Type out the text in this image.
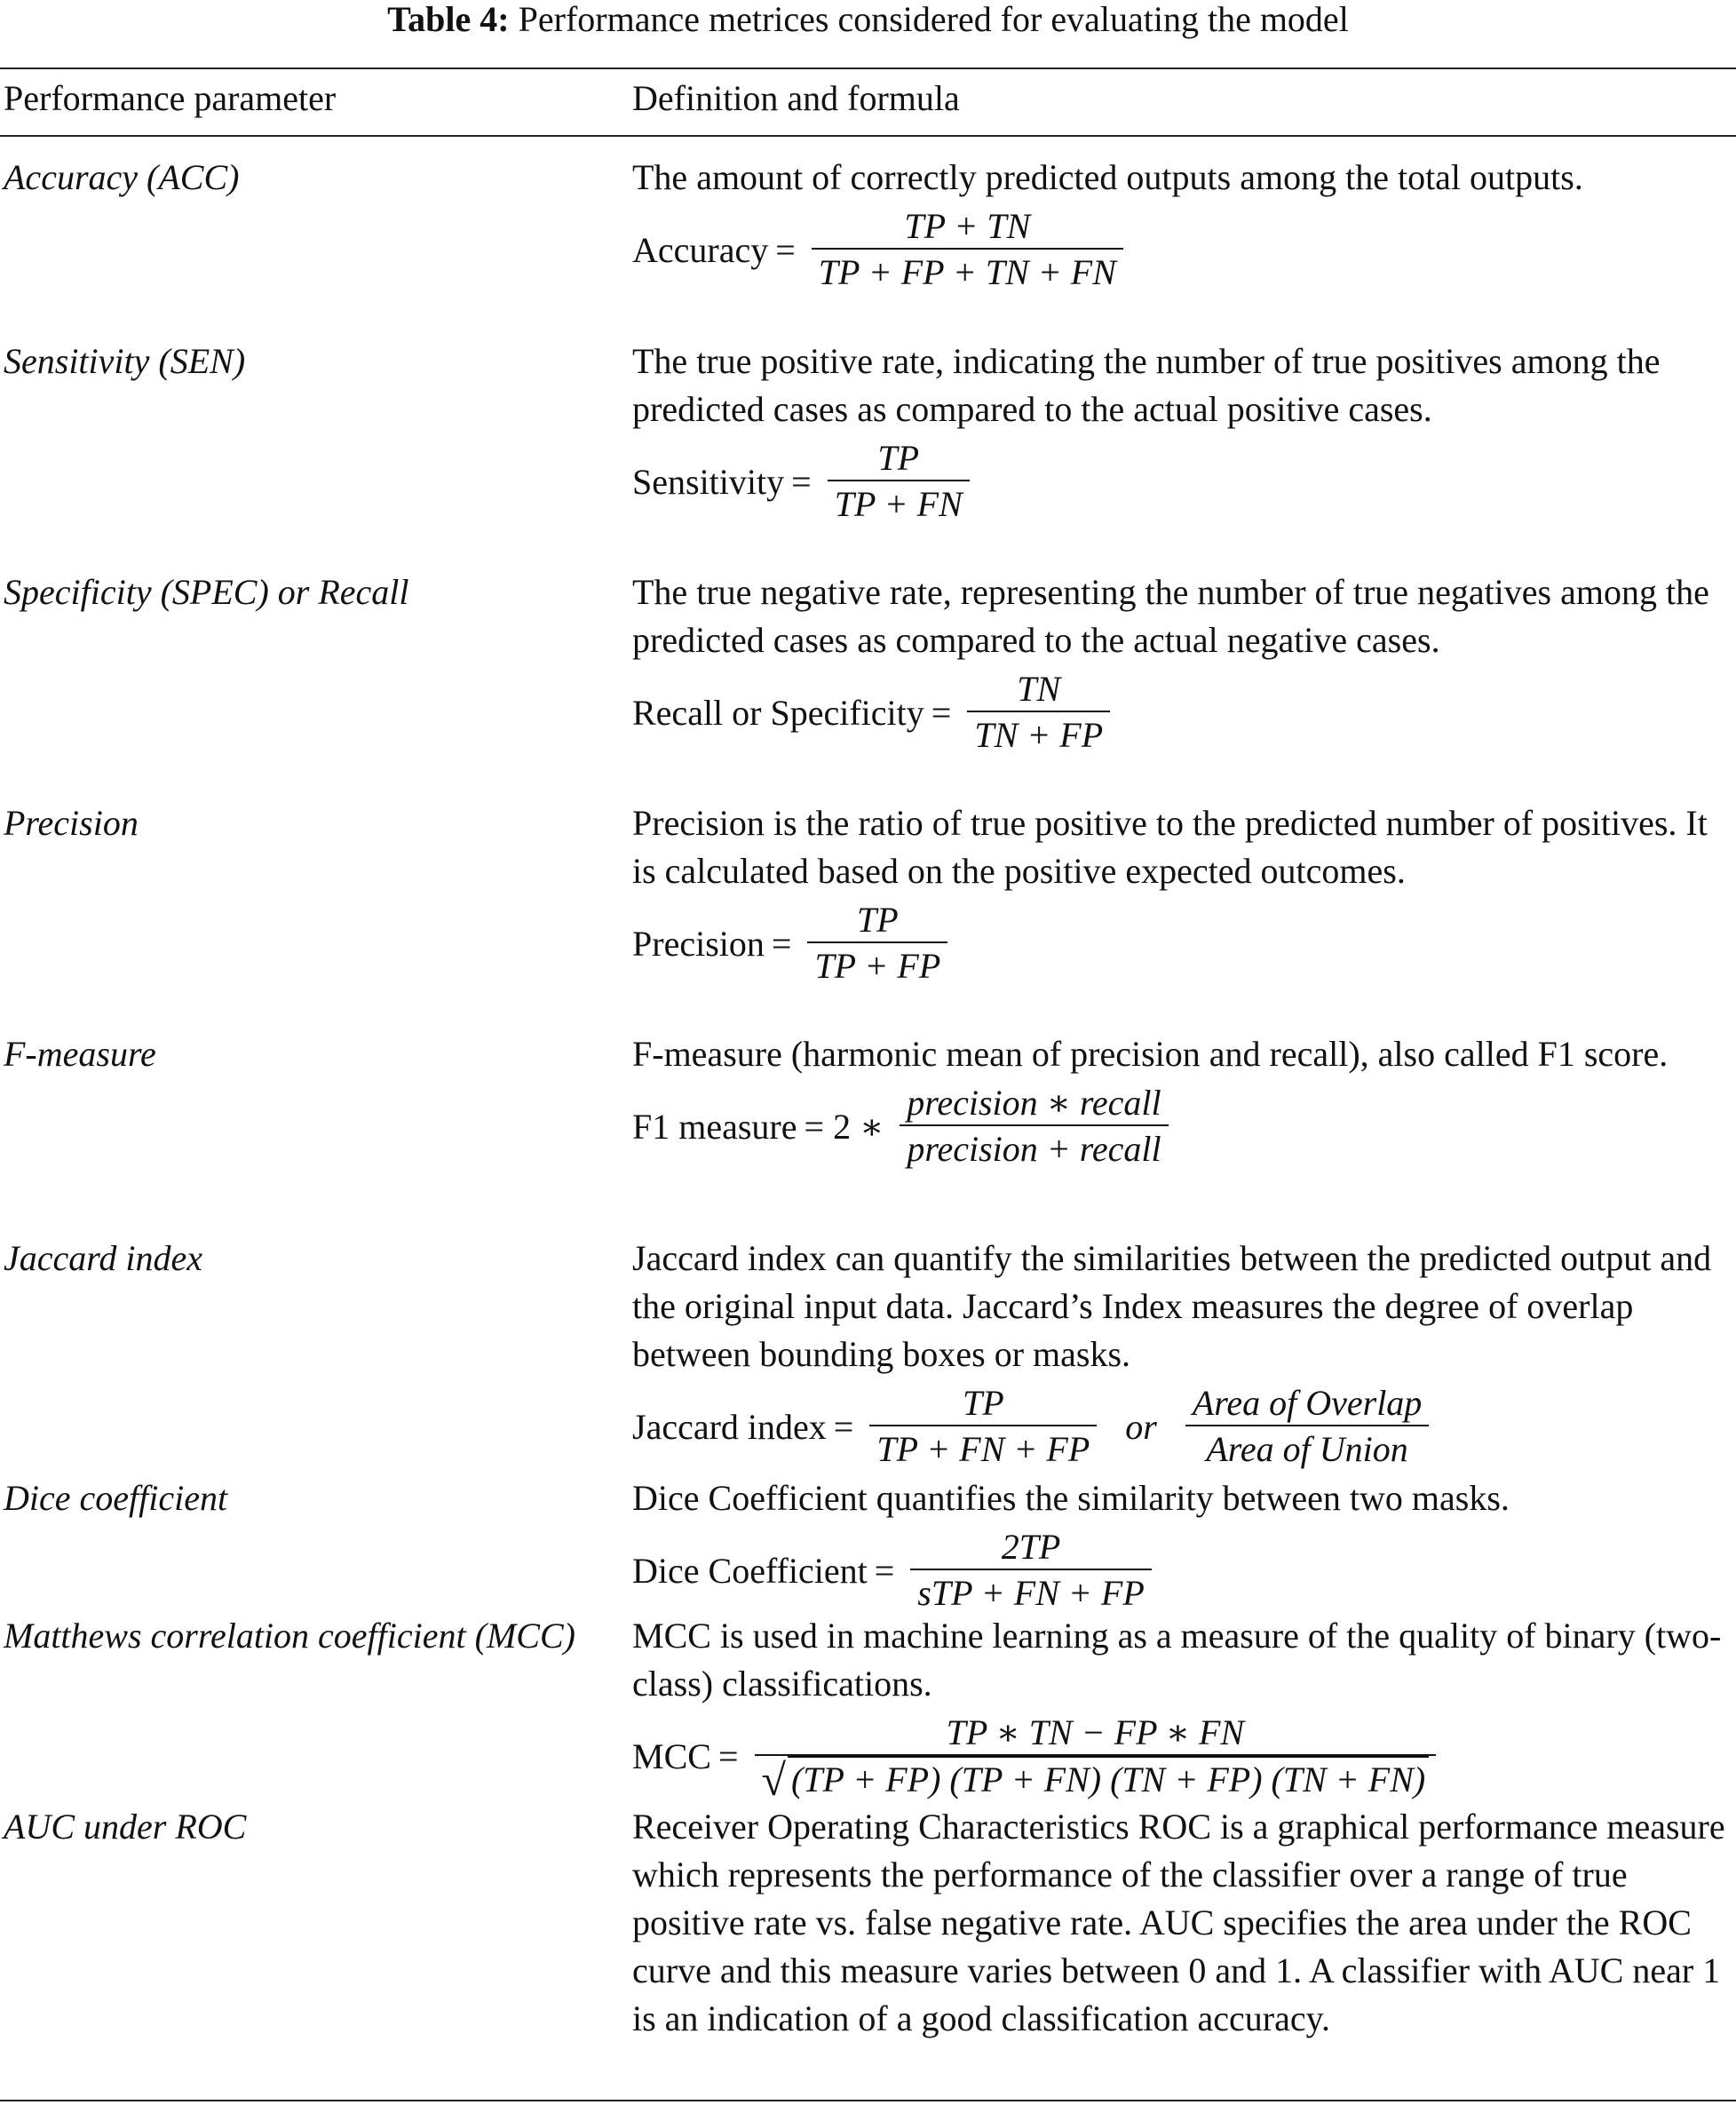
Table 4: Performance metrices considered for evaluating the model
Performance parameter	Definition and formula
Accuracy (ACC)	The amount of correctly predicted outputs among the total outputs.

Accuracy = $\frac{TP + TN}{TP + FP + TN + FN}$
Sensitivity (SEN)	The true positive rate, indicating the number of true positives among the predicted cases as compared to the actual positive cases.

Sensitivity = $\frac{TP}{TP + FN}$
Specificity (SPEC) or Recall	The true negative rate, representing the number of true negatives among the predicted cases as compared to the actual negative cases.

Recall or Specificity = $\frac{TN}{TN + FP}$
Precision	Precision is the ratio of true positive to the predicted number of positives. It is calculated based on the positive expected outcomes.

Precision = $\frac{TP}{TP + FP}$
F-measure	F-measure (harmonic mean of precision and recall), also called F1 score.

F1 measure = 2 ∗ $\frac{\text{precision ∗ recall}}{\text{precision + recall}}$
Jaccard index	Jaccard index can quantify the similarities between the predicted output and the original input data. Jaccard’s Index measures the degree of overlap between bounding boxes or masks.

Jaccard index = $\frac{TP}{TP + FN + FP}$ or $\frac{\text{Area of Overlap}}{\text{Area of Union}}$
Dice coefficient	Dice Coefficient quantifies the similarity between two masks.

Dice Coefficient = $\frac{2TP}{\text{sTP + FN + FP}}$
Matthews correlation coefficient (MCC)	MCC is used in machine learning as a measure of the quality of binary (two-class) classifications.

MCC = $\frac{TP ∗ TN - FP ∗ FN}{√ (TP + FP) (TP + FN) (TN + FP) (TN + FN)}$
AUC under ROC	Receiver Operating Characteristics ROC is a graphical performance measure which represents the performance of the classifier over a range of true positive rate vs. false negative rate. AUC specifies the area under the ROC curve and this measure varies between 0 and 1. A classifier with AUC near 1 is an indication of a good classification accuracy.
